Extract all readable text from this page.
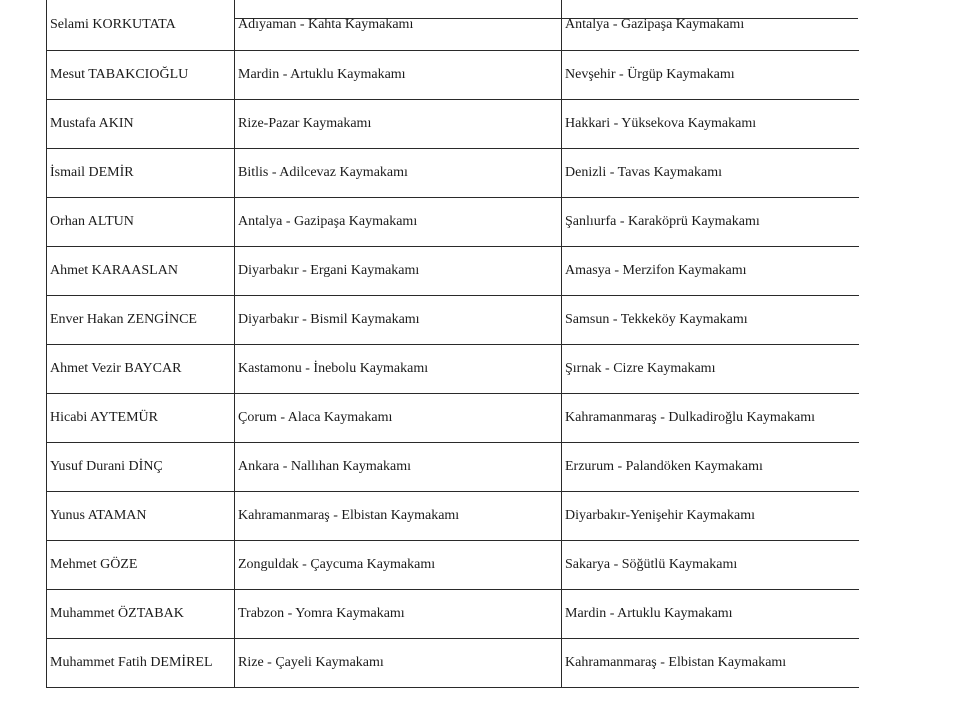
Selami KORKUTATA	Adıyaman - Kahta Kaymakamı	Antalya - Gazipaşa Kaymakamı
Mesut TABAKCIOĞLU	Mardin - Artuklu Kaymakamı	Nevşehir - Ürgüp Kaymakamı
Mustafa AKIN	Rize-Pazar Kaymakamı	Hakkari - Yüksekova Kaymakamı
İsmail DEMİR	Bitlis - Adilcevaz Kaymakamı	Denizli - Tavas Kaymakamı
Orhan ALTUN	Antalya - Gazipaşa Kaymakamı	Şanlıurfa - Karaköprü Kaymakamı
Ahmet KARAASLAN	Diyarbakır - Ergani Kaymakamı	Amasya - Merzifon Kaymakamı
Enver Hakan ZENGİNCE	Diyarbakır - Bismil Kaymakamı	Samsun - Tekkeköy Kaymakamı
Ahmet Vezir BAYCAR	Kastamonu - İnebolu Kaymakamı	Şırnak - Cizre Kaymakamı
Hicabi AYTEMÜR	Çorum - Alaca Kaymakamı	Kahramanmaraş - Dulkadiroğlu Kaymakamı
Yusuf Durani DİNÇ	Ankara - Nallıhan Kaymakamı	Erzurum - Palandöken Kaymakamı
Yunus ATAMAN	Kahramanmaraş - Elbistan Kaymakamı	Diyarbakır-Yenişehir Kaymakamı
Mehmet GÖZE	Zonguldak - Çaycuma Kaymakamı	Sakarya - Söğütlü Kaymakamı
Muhammet ÖZTABAK	Trabzon - Yomra Kaymakamı	Mardin - Artuklu Kaymakamı
Muhammet Fatih DEMİREL	Rize - Çayeli Kaymakamı	Kahramanmaraş - Elbistan Kaymakamı
